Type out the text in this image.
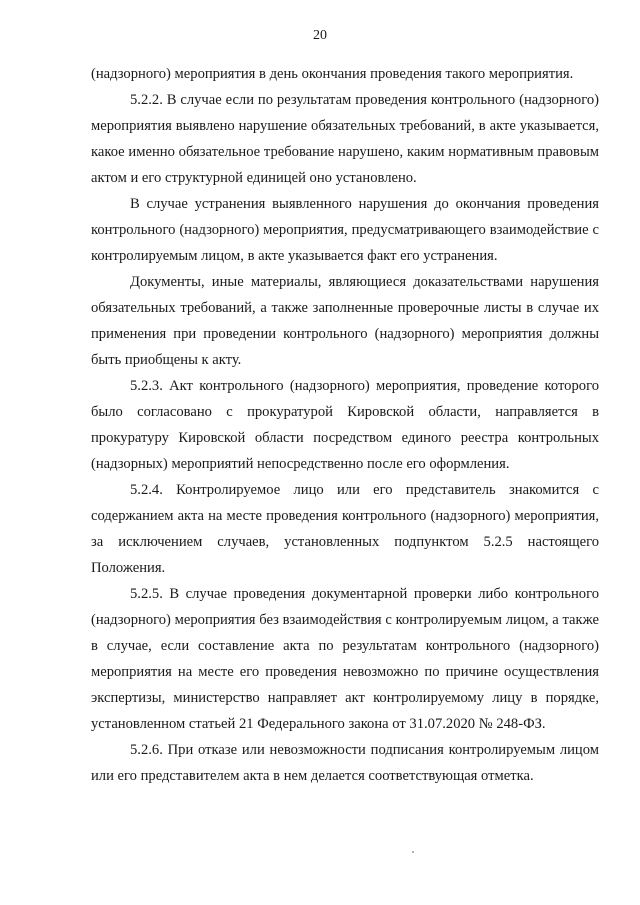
20

(надзорного) мероприятия в день окончания проведения такого мероприятия.

5.2.2. В случае если по результатам проведения контрольного (надзорного) мероприятия выявлено нарушение обязательных требований, в акте указывается, какое именно обязательное требование нарушено, каким нормативным правовым актом и его структурной единицей оно установлено.

В случае устранения выявленного нарушения до окончания проведения контрольного (надзорного) мероприятия, предусматривающего взаимодействие с контролируемым лицом, в акте указывается факт его устранения.

Документы, иные материалы, являющиеся доказательствами нарушения обязательных требований, а также заполненные проверочные листы в случае их применения при проведении контрольного (надзорного) мероприятия должны быть приобщены к акту.

5.2.3. Акт контрольного (надзорного) мероприятия, проведение которого было согласовано с прокуратурой Кировской области, направляется в прокуратуру Кировской области посредством единого реестра контрольных (надзорных) мероприятий непосредственно после его оформления.

5.2.4. Контролируемое лицо или его представитель знакомится с содержанием акта на месте проведения контрольного (надзорного) мероприятия, за исключением случаев, установленных подпунктом 5.2.5 настоящего Положения.

5.2.5. В случае проведения документарной проверки либо контрольного (надзорного) мероприятия без взаимодействия с контролируемым лицом, а также в случае, если составление акта по результатам контрольного (надзорного) мероприятия на месте его проведения невозможно по причине осуществления экспертизы, министерство направляет акт контролируемому лицу в порядке, установленном статьей 21 Федерального закона от 31.07.2020 № 248-ФЗ.

5.2.6. При отказе или невозможности подписания контролируемым лицом или его представителем акта в нем делается соответствующая отметка.
